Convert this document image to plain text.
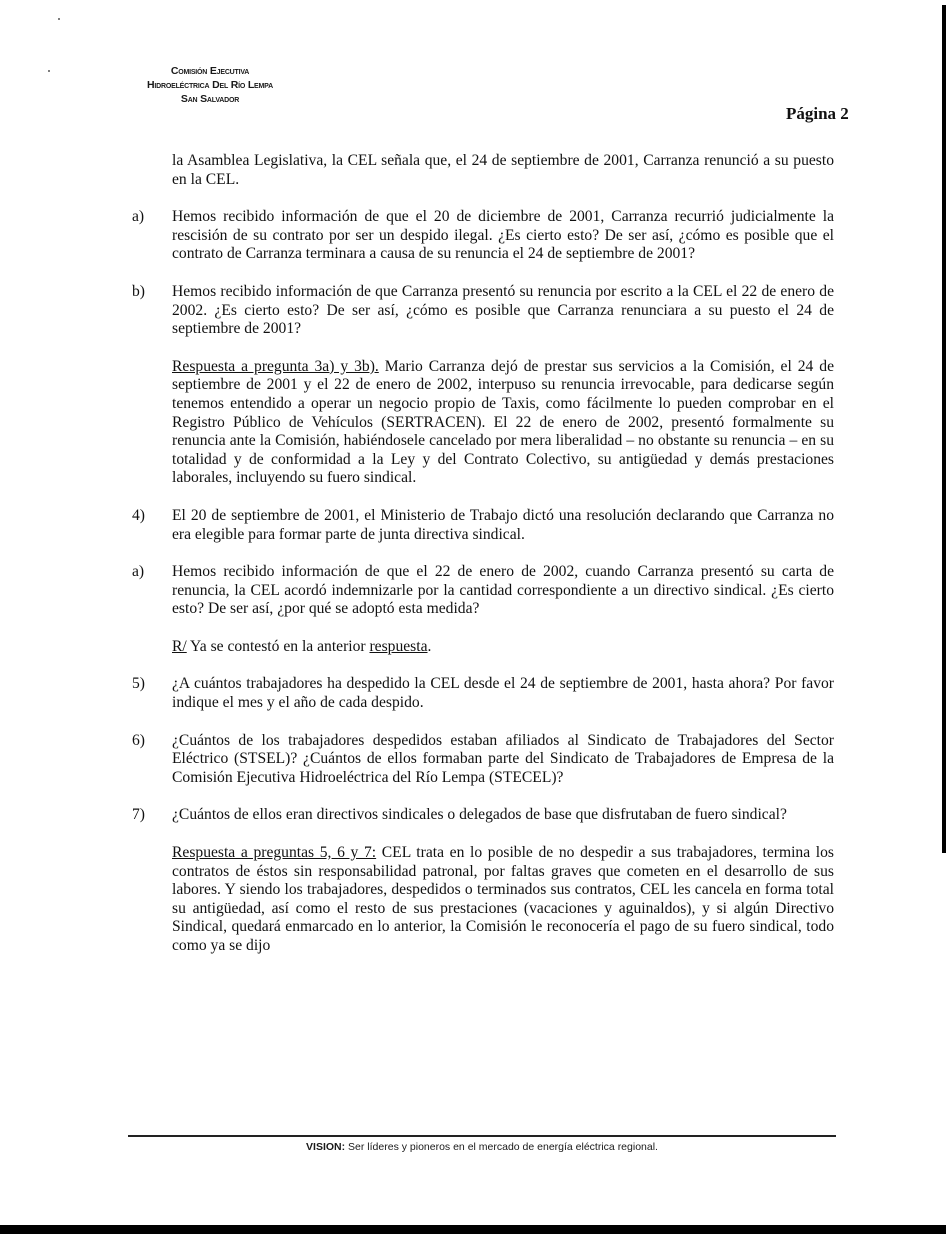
Comisión Ejecutiva
Hidroeléctrica Del Río Lempa
San Salvador
Página 2

la Asamblea Legislativa, la CEL señala que, el 24 de septiembre de 2001, Carranza renunció a su puesto en la CEL.

a) Hemos recibido información de que el 20 de diciembre de 2001, Carranza recurrió judicialmente la rescisión de su contrato por ser un despido ilegal. ¿Es cierto esto? De ser así, ¿cómo es posible que el contrato de Carranza terminara a causa de su renuncia el 24 de septiembre de 2001?
b) Hemos recibido información de que Carranza presentó su renuncia por escrito a la CEL el 22 de enero de 2002. ¿Es cierto esto? De ser así, ¿cómo es posible que Carranza renunciara a su puesto el 24 de septiembre de 2001?
Respuesta a pregunta 3a) y 3b). Mario Carranza dejó de prestar sus servicios a la Comisión, el 24 de septiembre de 2001 y el 22 de enero de 2002, interpuso su renuncia irrevocable, para dedicarse según tenemos entendido a operar un negocio propio de Taxis, como fácilmente lo pueden comprobar en el Registro Público de Vehículos (SERTRACEN). El 22 de enero de 2002, presentó formalmente su renuncia ante la Comisión, habiéndosele cancelado por mera liberalidad – no obstante su renuncia – en su totalidad y de conformidad a la Ley y del Contrato Colectivo, su antigüedad y demás prestaciones laborales, incluyendo su fuero sindical.
4) El 20 de septiembre de 2001, el Ministerio de Trabajo dictó una resolución declarando que Carranza no era elegible para formar parte de junta directiva sindical.
a) Hemos recibido información de que el 22 de enero de 2002, cuando Carranza presentó su carta de renuncia, la CEL acordó indemnizarle por la cantidad correspondiente a un directivo sindical. ¿Es cierto esto? De ser así, ¿por qué se adoptó esta medida?
R/ Ya se contestó en la anterior respuesta.
5) ¿A cuántos trabajadores ha despedido la CEL desde el 24 de septiembre de 2001, hasta ahora? Por favor indique el mes y el año de cada despido.
6) ¿Cuántos de los trabajadores despedidos estaban afiliados al Sindicato de Trabajadores del Sector Eléctrico (STSEL)? ¿Cuántos de ellos formaban parte del Sindicato de Trabajadores de Empresa de la Comisión Ejecutiva Hidroeléctrica del Río Lempa (STECEL)?
7) ¿Cuántos de ellos eran directivos sindicales o delegados de base que disfrutaban de fuero sindical?
Respuesta a preguntas 5, 6 y 7: CEL trata en lo posible de no despedir a sus trabajadores, termina los contratos de éstos sin responsabilidad patronal, por faltas graves que cometen en el desarrollo de sus labores. Y siendo los trabajadores, despedidos o terminados sus contratos, CEL les cancela en forma total su antigüedad, así como el resto de sus prestaciones (vacaciones y aguinaldos), y si algún Directivo Sindical, quedará enmarcado en lo anterior, la Comisión le reconocería el pago de su fuero sindical, todo como ya se dijo
VISION: Ser líderes y pioneros en el mercado de energía eléctrica regional.
